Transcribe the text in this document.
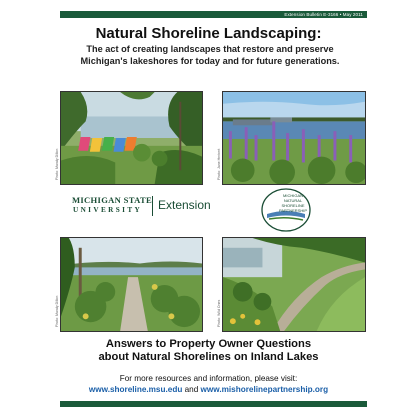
Extension Bulletin E-3166 • May 2011
Natural Shoreline Landscaping:
The act of creating landscapes that restore and preserve
Michigan's lakeshores for today and for future generations.
Photo: Mandy Dillon	Photo: Jane Herbert
MICHIGAN STATE
UNIVERSITY Extension
MICHIGAN
NATURAL
SHORELINE
PARTNERSHIP
Photo: Mandy Dillon	Photo: Wild Ones
Answers to Property Owner Questions
about Natural Shorelines on Inland Lakes
For more resources and information, please visit:
www.shoreline.msu.edu and www.mishorelinepartnership.org
